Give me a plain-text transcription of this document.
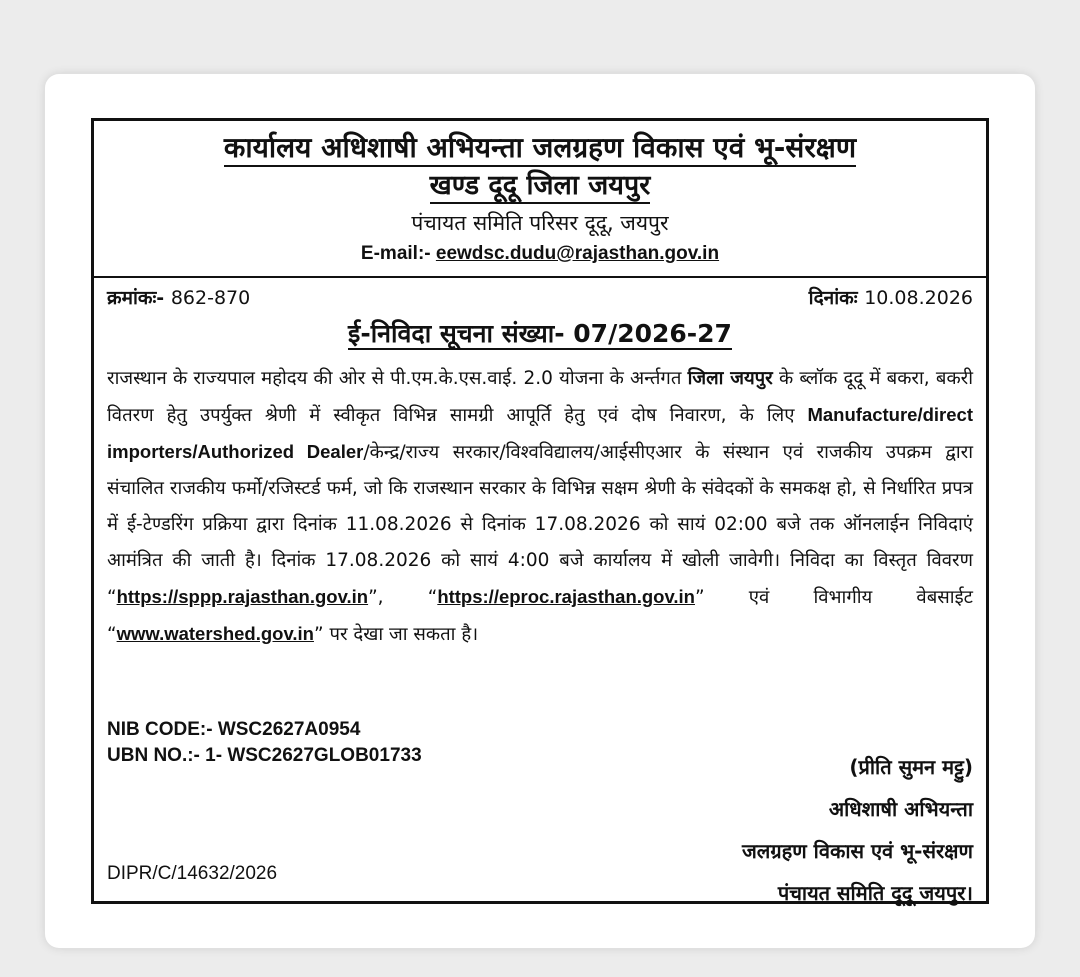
कार्यालय अधिशाषी अभियन्ता जलग्रहण विकास एवं भू-संरक्षण
खण्ड दूदू जिला जयपुर
पंचायत समिति परिसर दूदू, जयपुर
E-mail:- eewdsc.dudu@rajasthan.gov.in
क्रमांकः- 862-870	दिनांकः 10.08.2026
ई-निविदा सूचना संख्या- 07/2026-27
राजस्थान के राज्यपाल महोदय की ओर से पी.एम.के.एस.वाई. 2.0 योजना के अर्न्तगत जिला जयपुर के ब्लॉक दूदू में बकरा, बकरी वितरण हेतु उपर्युक्त श्रेणी में स्वीकृत विभिन्न सामग्री आपूर्ति हेतु एवं दोष निवारण, के लिए Manufacture/direct importers/Authorized Dealer/केन्द्र/राज्य सरकार/विश्वविद्यालय/आईसीएआर के संस्थान एवं राजकीय उपक्रम द्वारा संचालित राजकीय फर्मो/रजिस्टर्ड फर्म, जो कि राजस्थान सरकार के विभिन्न सक्षम श्रेणी के संवेदकों के समकक्ष हो, से निर्धारित प्रपत्र में ई-टेण्डरिंग प्रक्रिया द्वारा दिनांक 11.08.2026 से दिनांक 17.08.2026 को सायं 02:00 बजे तक ऑनलाईन निविदाएं आमंत्रित की जाती है। दिनांक 17.08.2026 को सायं 4:00 बजे कार्यालय में खोली जावेगी। निविदा का विस्तृत विवरण “https://sppp.rajasthan.gov.in”, “https://eproc.rajasthan.gov.in” एवं विभागीय वेबसाईट “www.watershed.gov.in” पर देखा जा सकता है।
NIB CODE:- WSC2627A0954
UBN NO.:- 1- WSC2627GLOB01733	(प्रीति सुमन मट्टु)
अधिशाषी अभियन्ता
जलग्रहण विकास एवं भू-संरक्षण
पंचायत समिति दूदू जयपुर।
DIPR/C/14632/2026
